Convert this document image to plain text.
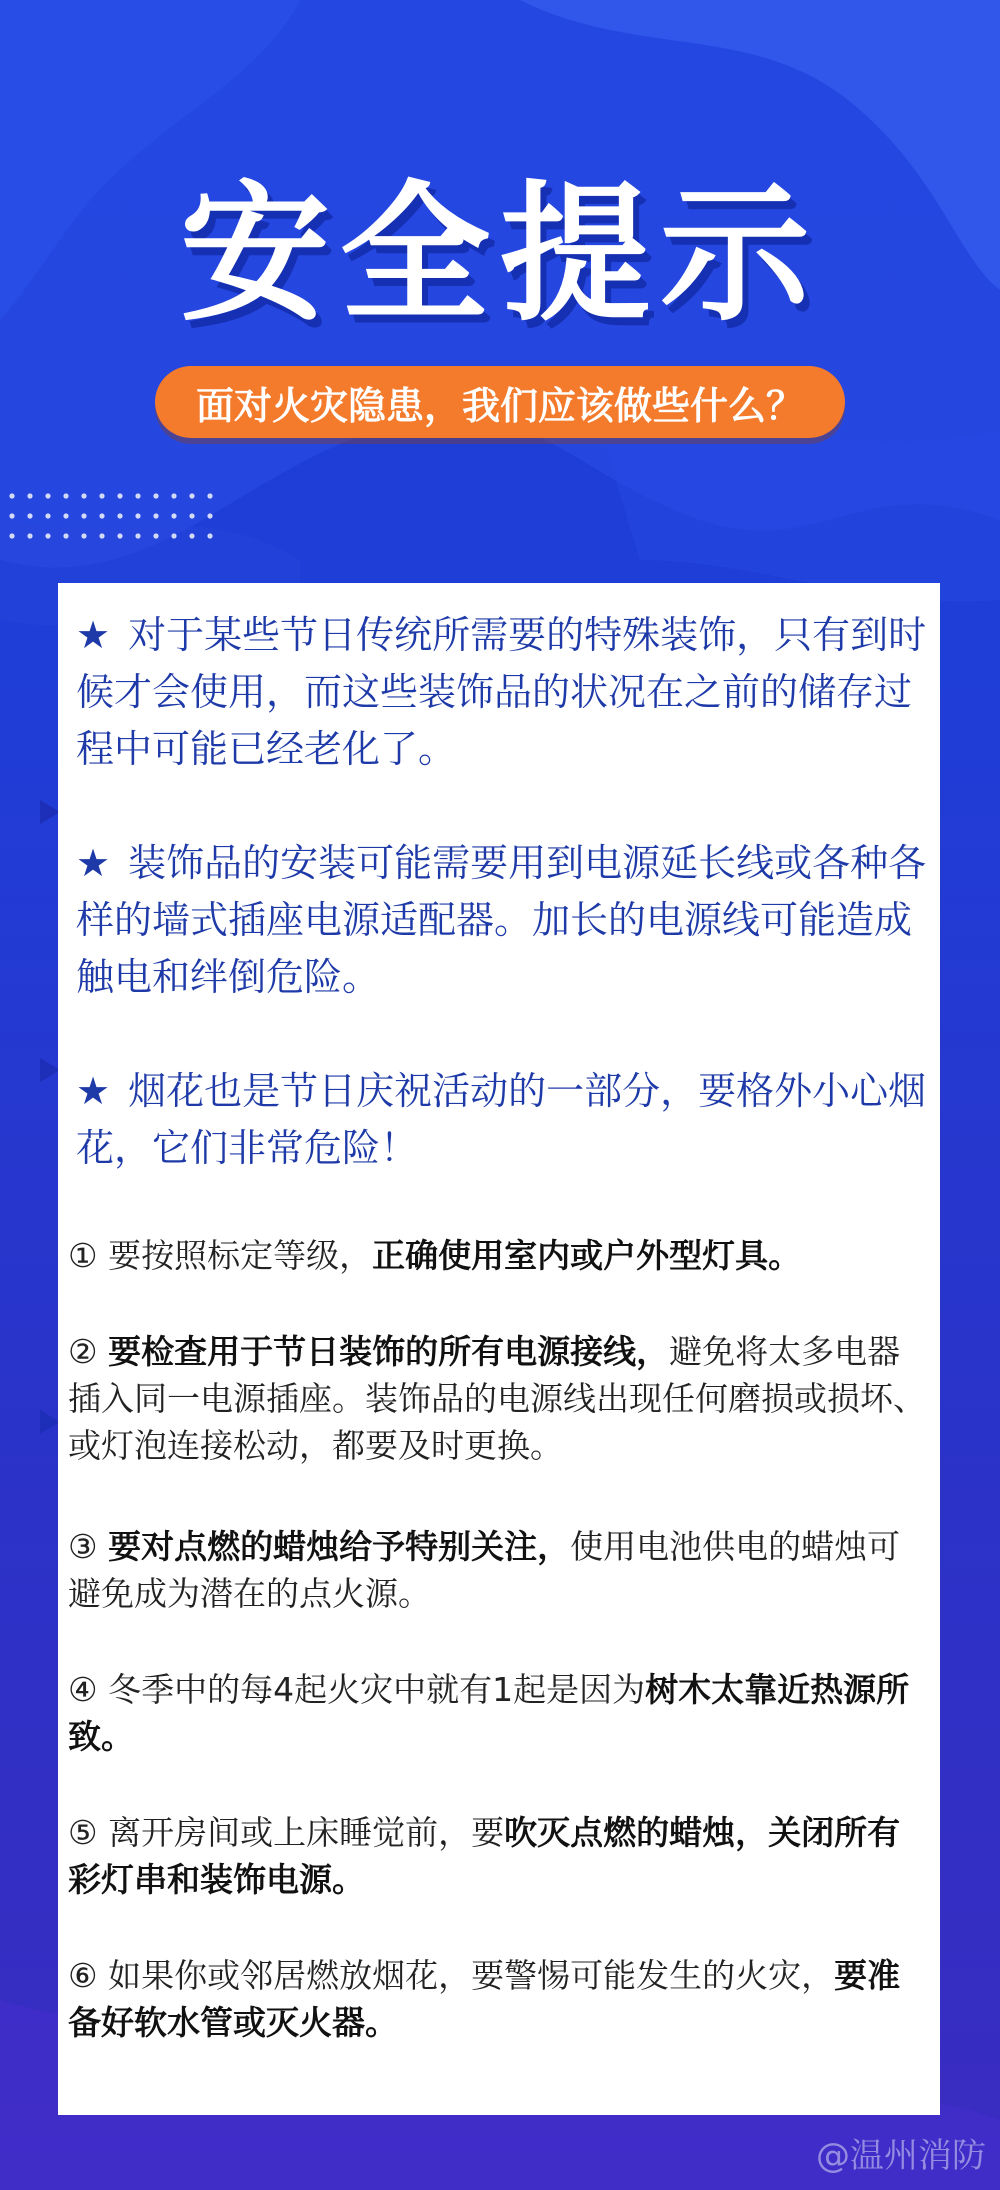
安全提示
面对火灾隐患，我们应该做些什么？
★ 对于某些节日传统所需要的特殊装饰，只有到时候才会使用，而这些装饰品的状况在之前的储存过程中可能已经老化了。
★ 装饰品的安装可能需要用到电源延长线或各种各样的墙式插座电源适配器。加长的电源线可能造成触电和绊倒危险。
★ 烟花也是节日庆祝活动的一部分，要格外小心烟花，它们非常危险！
① 要按照标定等级，正确使用室内或户外型灯具。
② 要检查用于节日装饰的所有电源接线，避免将太多电器插入同一电源插座。装饰品的电源线出现任何磨损或损坏、或灯泡连接松动，都要及时更换。
③ 要对点燃的蜡烛给予特别关注，使用电池供电的蜡烛可避免成为潜在的点火源。
④ 冬季中的每4起火灾中就有1起是因为树木太靠近热源所致。
⑤ 离开房间或上床睡觉前，要吹灭点燃的蜡烛，关闭所有彩灯串和装饰电源。
⑥ 如果你或邻居燃放烟花，要警惕可能发生的火灾，要准备好软水管或灭火器。
@温州消防
